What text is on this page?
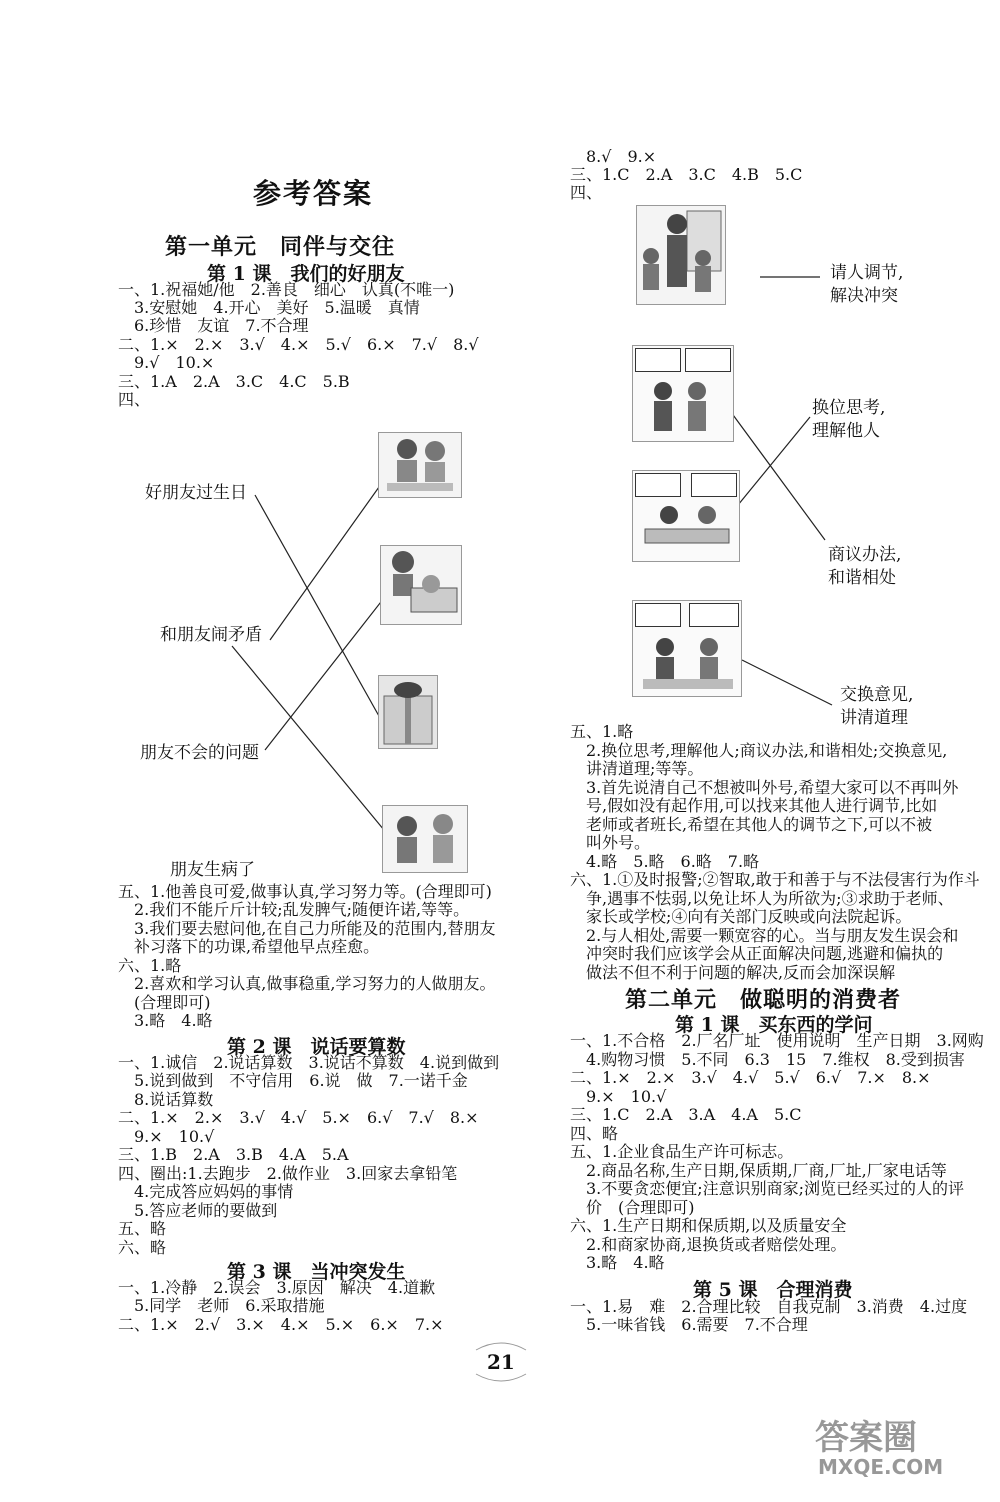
参考答案
第一单元　同伴与交往
第 1 课　我们的好朋友
一、1.祝福她/他　2.善良　细心　认真(不唯一)
　3.安慰她　4.开心　美好　5.温暖　真情
　6.珍惜　友谊　7.不合理
二、1.×　2.×　3.√　4.×　5.√　6.×　7.√　8.√
　9.√　10.×
三、1.A　2.A　3.C　4.C　5.B
四、
好朋友过生日
和朋友闹矛盾
朋友不会的问题
朋友生病了
五、1.他善良可爱,做事认真,学习努力等。(合理即可)
　2.我们不能斤斤计较;乱发脾气;随便许诺,等等。
　3.我们要去慰问他,在自己力所能及的范围内,替朋友
　补习落下的功课,希望他早点痊愈。
六、1.略
　2.喜欢和学习认真,做事稳重,学习努力的人做朋友。
　(合理即可)
　3.略　4.略
第 2 课　说话要算数
一、1.诚信　2.说话算数　3.说话不算数　4.说到做到
　5.说到做到　不守信用　6.说　做　7.一诺千金
　8.说话算数
二、1.×　2.×　3.√　4.√　5.×　6.√　7.√　8.×
　9.×　10.√
三、1.B　2.A　3.B　4.A　5.A
四、圈出:1.去跑步　2.做作业　3.回家去拿铅笔
　4.完成答应妈妈的事情
　5.答应老师的要做到
五、略
六、略
第 3 课　当冲突发生
一、1.冷静　2.误会　3.原因　解决　4.道歉
　5.同学　老师　6.采取措施
二、1.×　2.√　3.×　4.×　5.×　6.×　7.×
　8.√　9.×
三、1.C　2.A　3.C　4.B　5.C
四、
请人调节,
解决冲突
换位思考,
理解他人
商议办法,
和谐相处
交换意见,
讲清道理
五、1.略
　2.换位思考,理解他人;商议办法,和谐相处;交换意见,
　讲清道理;等等。
　3.首先说清自己不想被叫外号,希望大家可以不再叫外
　号,假如没有起作用,可以找来其他人进行调节,比如
　老师或者班长,希望在其他人的调节之下,可以不被
　叫外号。
　4.略　5.略　6.略　7.略
六、1.①及时报警;②智取,敢于和善于与不法侵害行为作斗
　争,遇事不怯弱,以免让坏人为所欲为;③求助于老师、
　家长或学校;④向有关部门反映或向法院起诉。
　2.与人相处,需要一颗宽容的心。当与朋友发生误会和
　冲突时我们应该学会从正面解决问题,逃避和偏执的
　做法不但不利于问题的解决,反而会加深误解
第二单元　做聪明的消费者
第 1 课　买东西的学问
一、1.不合格　2.厂名厂址　使用说明　生产日期　3.网购
　4.购物习惯　5.不同　6.3　15　7.维权　8.受到损害
二、1.×　2.×　3.√　4.√　5.√　6.√　7.×　8.×
　9.×　10.√
三、1.C　2.A　3.A　4.A　5.C
四、略
五、1.企业食品生产许可标志。
　2.商品名称,生产日期,保质期,厂商,厂址,厂家电话等
　3.不要贪恋便宜;注意识别商家;浏览已经买过的人的评
　价　(合理即可)
六、1.生产日期和保质期,以及质量安全
　2.和商家协商,退换货或者赔偿处理。
　3.略　4.略
第 5 课　合理消费
一、1.易　难　2.合理比较　自我克制　3.消费　4.过度
　5.一味省钱　6.需要　7.不合理
21
答案圈
MXQE.COM
